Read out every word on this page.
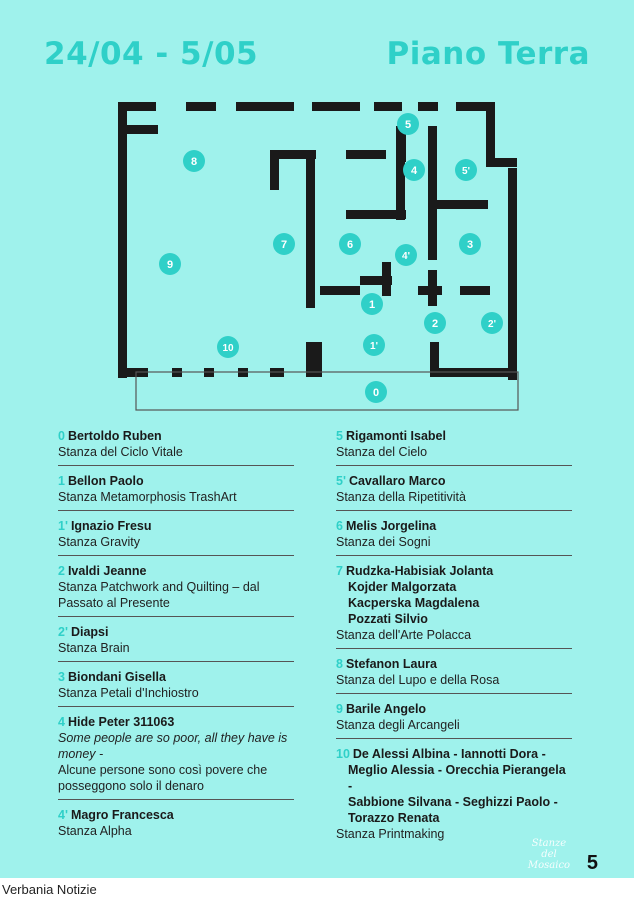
24/04 - 5/05	Piano Terra
0
1
1'
2	2'
3
4
4'
5
5'
6
7
8
9
10
0 Bertoldo Ruben
Stanza del Ciclo Vitale
1 Bellon Paolo
Stanza Metamorphosis TrashArt
1' Ignazio Fresu
Stanza Gravity
2 Ivaldi Jeanne
Stanza Patchwork and Quilting – dal Passato al Presente
2' Diapsi
Stanza Brain
3 Biondani Gisella
Stanza Petali d'Inchiostro
4 Hide Peter 311063
Some people are so poor, all they have is money -
Alcune persone sono così povere che posseggono solo il denaro
4' Magro Francesca
Stanza Alpha
5 Rigamonti Isabel
Stanza del Cielo
5' Cavallaro Marco
Stanza della Ripetitività
6 Melis Jorgelina
Stanza dei Sogni
7 Rudzka-Habisiak Jolanta
Kojder Malgorzata
Kacperska Magdalena
Pozzati Silvio
Stanza dell'Arte Polacca
8 Stefanon Laura
Stanza del Lupo e della Rosa
9 Barile Angelo
Stanza degli Arcangeli
10 De Alessi Albina - Iannotti Dora -
Meglio Alessia - Orecchia Pierangela -
Sabbione Silvana - Seghizzi Paolo -
Torazzo Renata
Stanza Printmaking
Stanze
del
Mosaico 5
Verbania Notizie
